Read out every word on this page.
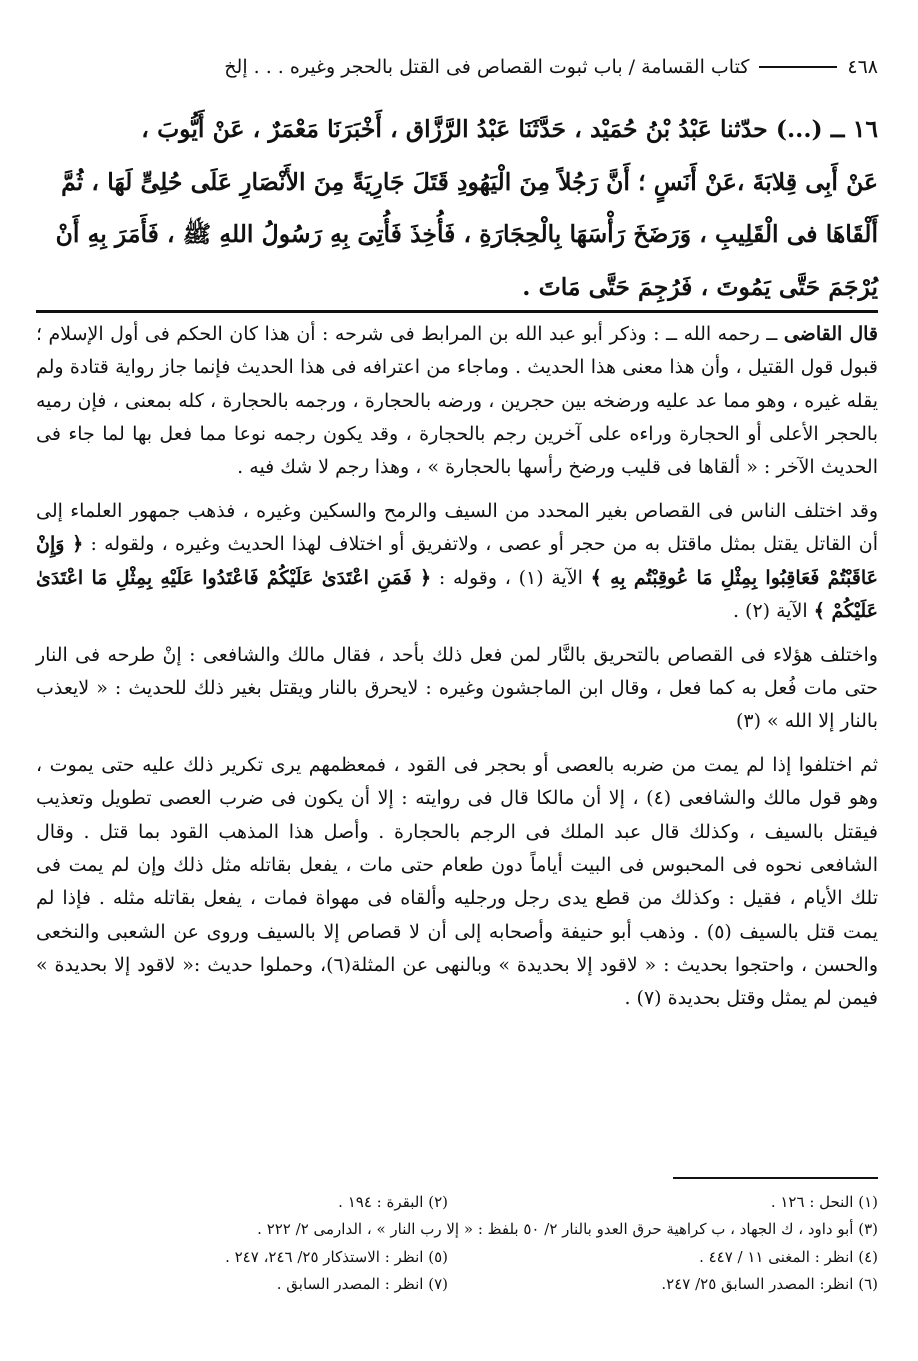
٤٦٨
كتاب القسامة / باب ثبوت القصاص فى القتل بالحجر وغيره . . . إلخ

١٦ ــ (...) حدّثنا عَبْدُ بْنُ حُمَيْد ، حَدَّثَنَا عَبْدُ الرَّزَّاق ، أَخْبَرَنَا مَعْمَرٌ ، عَنْ أَيُّوبَ ،

عَنْ أَبِى قِلابَةَ ،عَنْ أَنَسٍ ؛ أَنَّ رَجُلاً مِنَ الْيَهُودِ قَتَلَ جَارِيَةً مِنَ الأَنْصَارِ عَلَى حُلِىٍّ لَهَا ، ثُمَّ

أَلْقَاهَا فى الْقَلِيبِ ، وَرَضَخَ رَأْسَهَا بِالْحِجَارَةِ ، فَأُخِذَ فَأُتِىَ بِهِ رَسُولُ اللهِ ﷺ ، فَأَمَرَ بِهِ أَنْ

يُرْجَمَ حَتَّى يَمُوتَ ، فَرُجِمَ حَتَّى مَاتَ .

قال القاضى ــ رحمه الله ــ : وذكر أبو عبد الله بن المرابط فى شرحه : أن هذا كان الحكم فى أول الإسلام ؛ قبول قول القتيل ، وأن هذا معنى هذا الحديث . وماجاء من اعترافه فى هذا الحديث فإنما جاز رواية قتادة ولم يقله غيره ، وهو مما عد عليه ورضخه بين حجرين ، ورضه بالحجارة ، ورجمه بالحجارة ، كله بمعنى ، فإن رميه بالحجر الأعلى أو الحجارة وراءه على آخرين رجم بالحجارة ، وقد يكون رجمه نوعا مما فعل بها لما جاء فى الحديث الآخر : « ألقاها فى قليب ورضخ رأسها بالحجارة » ، وهذا رجم لا شك فيه .

وقد اختلف الناس فى القصاص بغير المحدد من السيف والرمح والسكين وغيره ، فذهب جمهور العلماء إلى أن القاتل يقتل بمثل ماقتل به من حجر أو عصى ، ولاتفريق أو اختلاف لهذا الحديث وغيره ، ولقوله : ﴿ وَإِنْ عَاقَبْتُمْ فَعَاقِبُوا بِمِثْلِ مَا عُوقِبْتُم بِهِ ﴾ الآية (١) ، وقوله : ﴿ فَمَنِ اعْتَدَىٰ عَلَيْكُمْ فَاعْتَدُوا عَلَيْهِ بِمِثْلِ مَا اعْتَدَىٰ عَلَيْكُمْ ﴾ الآية (٢) .

واختلف هؤلاء فى القصاص بالتحريق بالنَّار لمن فعل ذلك بأحد ، فقال مالك والشافعى : إنْ طرحه فى النار حتى مات فُعل به كما فعل ، وقال ابن الماجشون وغيره : لايحرق بالنار ويقتل بغير ذلك للحديث : « لايعذب بالنار إلا الله » (٣)

ثم اختلفوا إذا لم يمت من ضربه بالعصى أو بحجر فى القود ، فمعظمهم يرى تكرير ذلك عليه حتى يموت ، وهو قول مالك والشافعى (٤) ، إلا أن مالكا قال فى روايته : إلا أن يكون فى ضرب العصى تطويل وتعذيب فيقتل بالسيف ، وكذلك قال عبد الملك فى الرجم بالحجارة . وأصل هذا المذهب القود بما قتل . وقال الشافعى نحوه فى المحبوس فى البيت أياماً دون طعام حتى مات ، يفعل بقاتله مثل ذلك وإن لم يمت فى تلك الأيام ، فقيل : وكذلك من قطع يدى رجل ورجليه وألقاه فى مهواة فمات ، يفعل بقاتله مثله . فإذا لم يمت قتل بالسيف (٥) . وذهب أبو حنيفة وأصحابه إلى أن لا قصاص إلا بالسيف وروى عن الشعبى والنخعى والحسن ، واحتجوا بحديث : « لاقود إلا بحديدة » وبالنهى عن المثلة(٦)، وحملوا حديث :« لاقود إلا بحديدة » فيمن لم يمثل وقتل بحديدة (٧) .

(١) النحل : ١٢٦ .
(٢) البقرة : ١٩٤ .
(٣) أبو داود ، ك الجهاد ، ب كراهية حرق العدو بالنار ٢/ ٥٠ بلفظ : « إلا رب النار » ، الدارمى ٢/ ٢٢٢ .
(٤) انظر : المغنى ١١ / ٤٤٧ .
(٥) انظر : الاستذكار ٢٥/ ٢٤٦، ٢٤٧ .
(٦) انظر: المصدر السابق ٢٥/ ٢٤٧.
(٧) انظر : المصدر السابق .
